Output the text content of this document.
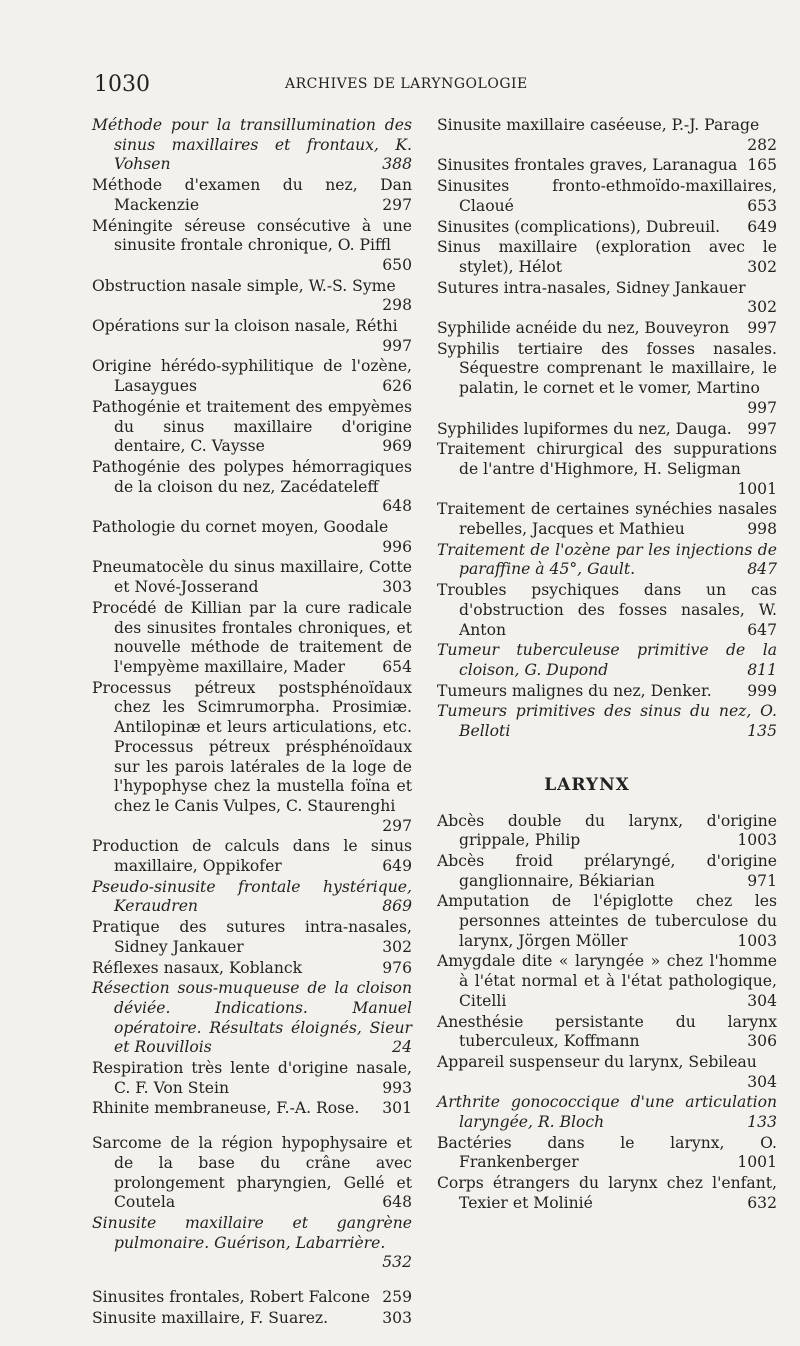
1030	ARCHIVES DE LARYNGOLOGIE
Méthode pour la transillumination des sinus maxillaires et frontaux, K. Vohsen	388
Méthode d'examen du nez, Dan Mackenzie	297
Méningite séreuse consécutive à une sinusite frontale chronique, O. Piffl
650
Obstruction nasale simple, W.-S. Syme
298
Opérations sur la cloison nasale, Réthi
997
Origine hérédo-syphilitique de l'ozène, Lasaygues	626
Pathogénie et traitement des empyèmes du sinus maxillaire d'origine dentaire, C. Vaysse	969
Pathogénie des polypes hémorragiques de la cloison du nez, Zacédateleff
648
Pathologie du cornet moyen, Goodale
996
Pneumatocèle du sinus maxillaire, Cotte et Nové-Josserand	303
Procédé de Killian par la cure radicale des sinusites frontales chroniques, et nouvelle méthode de traitement de l'empyème maxillaire, Mader 654
Processus pétreux postsphénoïdaux chez les Scimrumorpha. Prosimiæ. Antilopinæ et leurs articulations, etc. Processus pétreux présphénoïdaux sur les parois latérales de la loge de l'hypophyse chez la mustella foïna et chez le Canis Vulpes, C. Staurenghi
297
Production de calculs dans le sinus maxillaire, Oppikofer	649
Pseudo-sinusite frontale hystérique, Keraudren	869
Pratique des sutures intra-nasales, Sidney Jankauer	302
Réflexes nasaux, Koblanck	976
Résection sous-muqueuse de la cloison déviée. Indications. Manuel opératoire. Résultats éloignés, Sieur et Rouvillois	24
Respiration très lente d'origine nasale, C. F. Von Stein	993
Rhinite membraneuse, F.-A. Rose. 301
Sarcome de la région hypophysaire et de la base du crâne avec prolongement pharyngien, Gellé et Coutela	648
Sinusite maxillaire et gangrène pulmonaire. Guérison, Labarrière.
532
Sinusites frontales, Robert Falcone 259
Sinusite maxillaire, F. Suarez.	303
Sinusite maxillaire caséeuse, P.-J. Parage
282
Sinusites frontales graves, Laranagua 165
Sinusites fronto-ethmoïdo-maxillaires, Claoué	653
Sinusites (complications), Dubreuil. 649
Sinus maxillaire (exploration avec le stylet), Hélot	302
Sutures intra-nasales, Sidney Jankauer
302
Syphilide acnéide du nez, Bouveyron 997
Syphilis tertiaire des fosses nasales. Séquestre comprenant le maxillaire, le palatin, le cornet et le vomer, Martino
997
Syphilides lupiformes du nez, Dauga. 997
Traitement chirurgical des suppurations de l'antre d'Highmore, H. Seligman
1001
Traitement de certaines synéchies nasales rebelles, Jacques et Mathieu	998
Traitement de l'ozène par les injections de paraffine à 45°, Gault.	847
Troubles psychiques dans un cas d'obstruction des fosses nasales, W. Anton	647
Tumeur tuberculeuse primitive de la cloison, G. Dupond	811
Tumeurs malignes du nez, Denker. 999
Tumeurs primitives des sinus du nez, O. Belloti	135
LARYNX
Abcès double du larynx, d'origine grippale, Philip	1003
Abcès froid prélaryngé, d'origine ganglionnaire, Békiarian	971
Amputation de l'épiglotte chez les personnes atteintes de tuberculose du larynx, Jörgen Möller	1003
Amygdale dite « laryngée » chez l'homme à l'état normal et à l'état pathologique, Citelli	304
Anesthésie persistante du larynx tuberculeux, Koffmann	306
Appareil suspenseur du larynx, Sebileau
304
Arthrite gonococcique d'une articulation laryngée, R. Bloch	133
Bactéries dans le larynx, O. Frankenberger	1001
Corps étrangers du larynx chez l'enfant, Texier et Molinié	632
